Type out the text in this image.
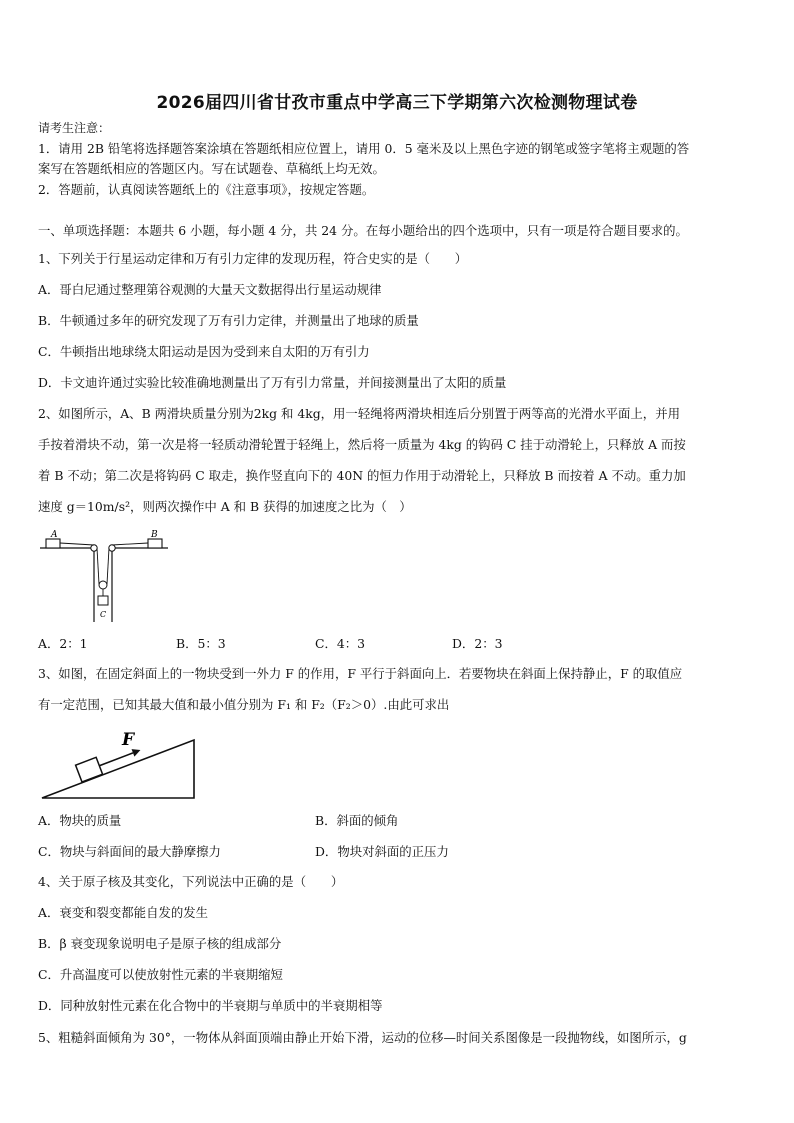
2026届四川省甘孜市重点中学高三下学期第六次检测物理试卷
请考生注意：
1．请用 2B 铅笔将选择题答案涂填在答题纸相应位置上，请用 0．5 毫米及以上黑色字迹的钢笔或签字笔将主观题的答
案写在答题纸相应的答题区内。写在试题卷、草稿纸上均无效。
2．答题前，认真阅读答题纸上的《注意事项》，按规定答题。
一、单项选择题：本题共 6 小题，每小题 4 分，共 24 分。在每小题给出的四个选项中，只有一项是符合题目要求的。
1、下列关于行星运动定律和万有引力定律的发现历程，符合史实的是（　　）
A．哥白尼通过整理第谷观测的大量天文数据得出行星运动规律
B．牛顿通过多年的研究发现了万有引力定律，并测量出了地球的质量
C．牛顿指出地球绕太阳运动是因为受到来自太阳的万有引力
D．卡文迪许通过实验比较准确地测量出了万有引力常量，并间接测量出了太阳的质量
2、如图所示，A、B 两滑块质量分别为2kg 和 4kg，用一轻绳将两滑块相连后分别置于两等高的光滑水平面上，并用
手按着滑块不动，第一次是将一轻质动滑轮置于轻绳上，然后将一质量为 4kg 的钩码 C 挂于动滑轮上，只释放 A 而按
着 B 不动；第二次是将钩码 C 取走，换作竖直向下的 40N 的恒力作用于动滑轮上，只释放 B 而按着 A 不动。重力加
速度 g＝10m/s²，则两次操作中 A 和 B 获得的加速度之比为（　）
A	B
C
A．2：1	B．5：3	C．4：3	D．2：3
3、如图，在固定斜面上的一物块受到一外力 F 的作用，F 平行于斜面向上．若要物块在斜面上保持静止，F 的取值应
有一定范围，已知其最大值和最小值分别为 F₁ 和 F₂（F₂＞0）.由此可求出
F
A．物块的质量	B．斜面的倾角
C．物块与斜面间的最大静摩擦力	D．物块对斜面的正压力
4、关于原子核及其变化，下列说法中正确的是（　　）
A．衰变和裂变都能自发的发生
B．β 衰变现象说明电子是原子核的组成部分
C．升高温度可以使放射性元素的半衰期缩短
D．同种放射性元素在化合物中的半衰期与单质中的半衰期相等
5、粗糙斜面倾角为 30°，一物体从斜面顶端由静止开始下滑，运动的位移—时间关系图像是一段抛物线，如图所示，g
